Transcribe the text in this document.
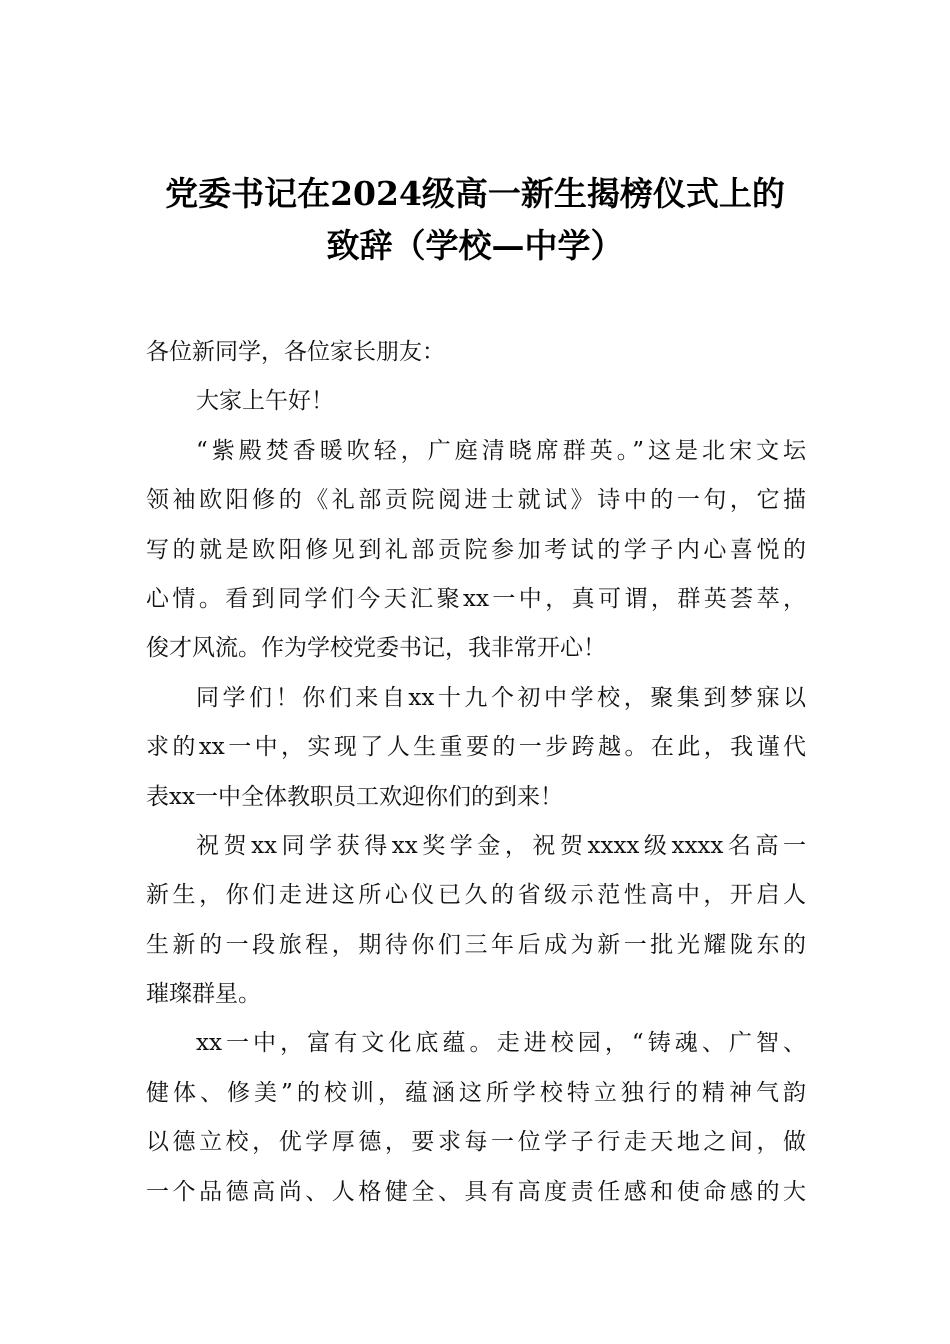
党委书记在2024级高一新生揭榜仪式上的
致辞（学校—中学）
各位新同学，各位家长朋友：
大家上午好！
“紫殿焚香暖吹轻，广庭清晓席群英。”这是北宋文坛
领袖欧阳修的《礼部贡院阅进士就试》诗中的一句，它描
写的就是欧阳修见到礼部贡院参加考试的学子内心喜悦的
心情。看到同学们今天汇聚xx一中，真可谓，群英荟萃，
俊才风流。作为学校党委书记，我非常开心！
同学们！你们来自xx十九个初中学校，聚集到梦寐以
求的xx一中，实现了人生重要的一步跨越。在此，我谨代
表xx一中全体教职员工欢迎你们的到来！
祝贺xx同学获得xx奖学金，祝贺xxxx级xxxx名高一
新生，你们走进这所心仪已久的省级示范性高中，开启人
生新的一段旅程，期待你们三年后成为新一批光耀陇东的
璀璨群星。
xx一中，富有文化底蕴。走进校园，“铸魂、广智、
健体、修美”的校训，蕴涵这所学校特立独行的精神气韵
以德立校，优学厚德，要求每一位学子行走天地之间，做
一个品德高尚、人格健全、具有高度责任感和使命感的大
